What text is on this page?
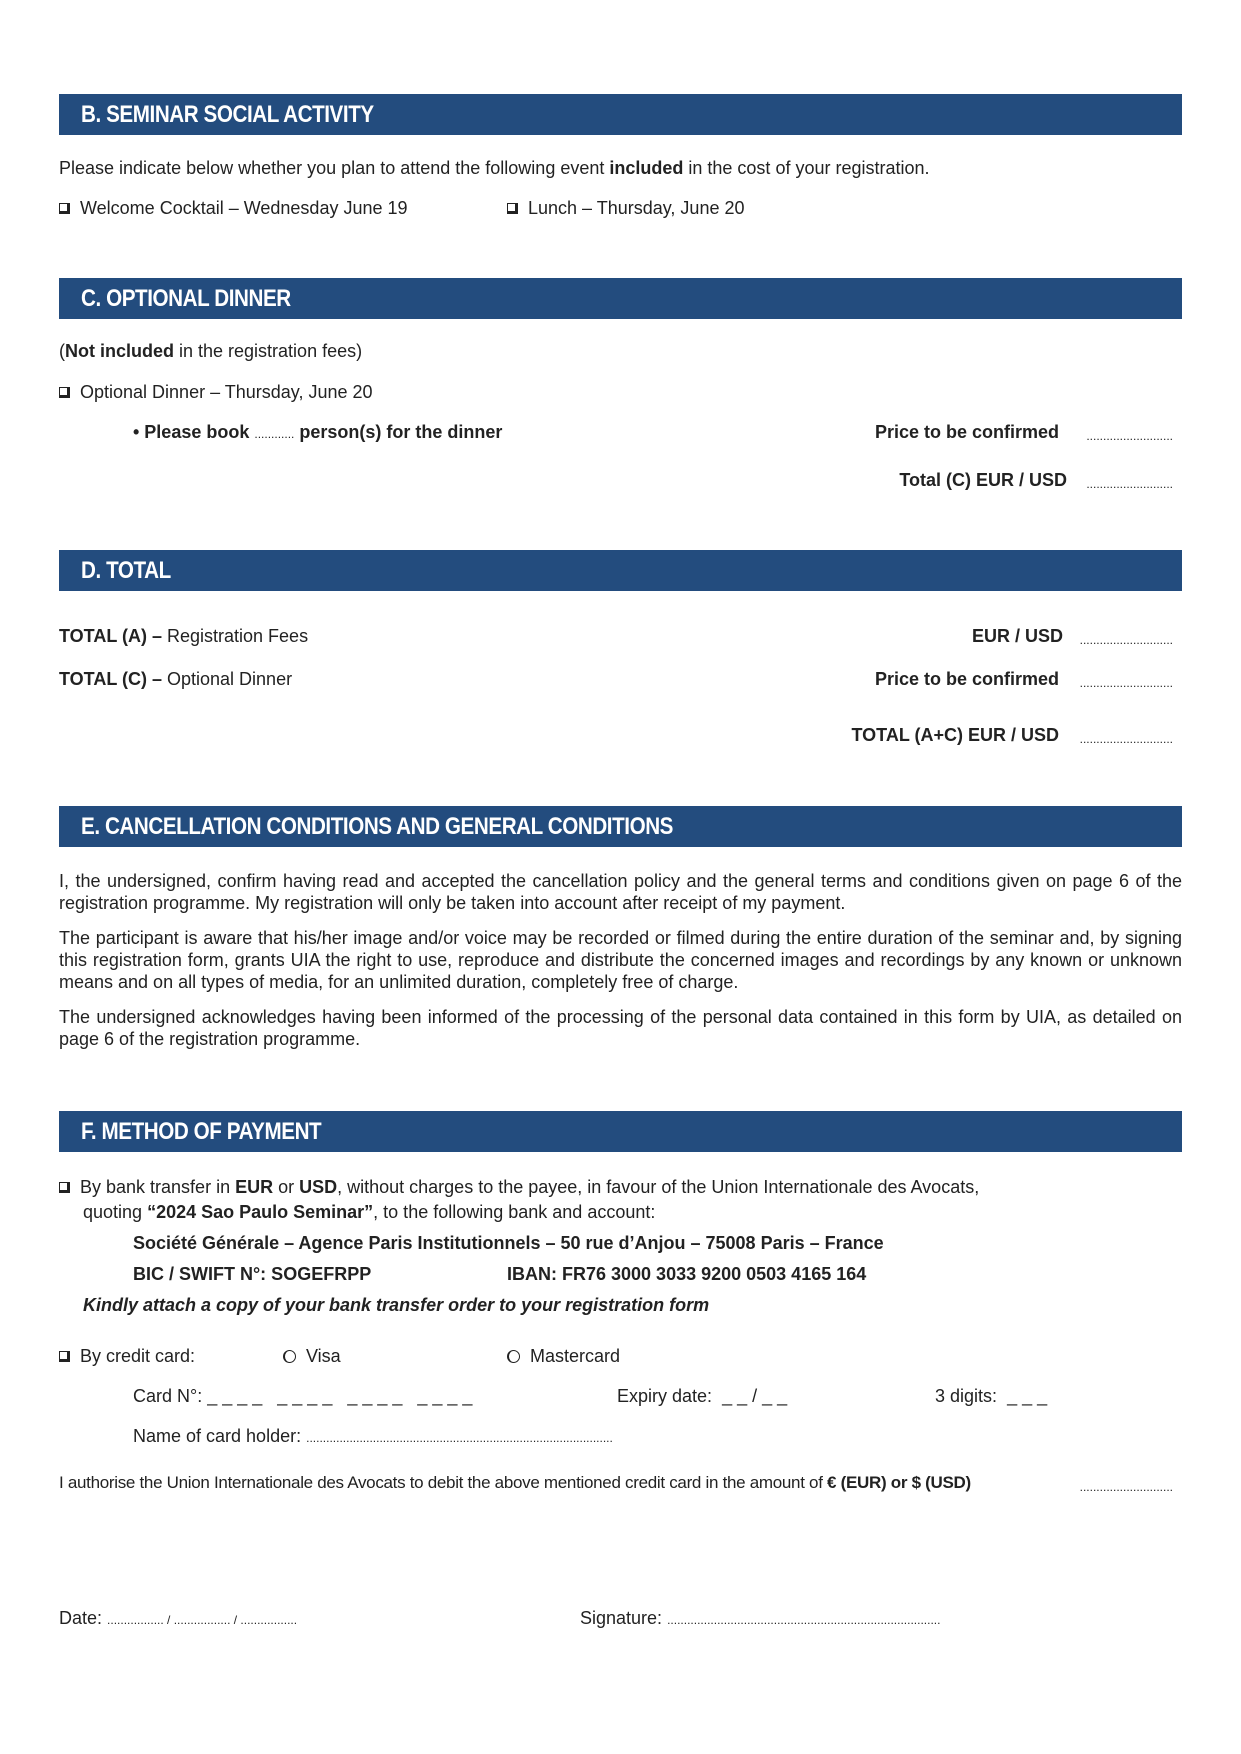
B. SEMINAR SOCIAL ACTIVITY
Please indicate below whether you plan to attend the following event included in the cost of your registration.
Welcome Cocktail – Wednesday June 19	Lunch – Thursday, June 20
C. OPTIONAL DINNER
(Not included in the registration fees)
Optional Dinner – Thursday, June 20
• Please book ............ person(s) for the dinner	Price to be confirmed ..........................
Total (C) EUR / USD ..........................
D. TOTAL
TOTAL (A) – Registration Fees	EUR / USD ............................
TOTAL (C) – Optional Dinner	Price to be confirmed ............................
TOTAL (A+C) EUR / USD ............................
E. CANCELLATION CONDITIONS AND GENERAL CONDITIONS
I, the undersigned, confirm having read and accepted the cancellation policy and the general terms and conditions given on page 6 of the registration programme. My registration will only be taken into account after receipt of my payment.
The participant is aware that his/her image and/or voice may be recorded or filmed during the entire duration of the seminar and, by signing this registration form, grants UIA the right to use, reproduce and distribute the concerned images and recordings by any known or unknown means and on all types of media, for an unlimited duration, completely free of charge.
The undersigned acknowledges having been informed of the processing of the personal data contained in this form by UIA, as detailed on page 6 of the registration programme.
F. METHOD OF PAYMENT
By bank transfer in EUR or USD, without charges to the payee, in favour of the Union Internationale des Avocats,
quoting “2024 Sao Paulo Seminar”, to the following bank and account:
Société Générale – Agence Paris Institutionnels – 50 rue d’Anjou – 75008 Paris – France
BIC / SWIFT N°: SOGEFRPP	IBAN: FR76 3000 3033 9200 0503 4165 164
Kindly attach a copy of your bank transfer order to your registration form
By credit card:	Visa	Mastercard
Card N°: _ _ _ _   _ _ _ _   _ _ _ _   _ _ _ _	Expiry date: _ _ / _ _	3 digits: _ _ _
Name of card holder: ............................................................................................
I authorise the Union Internationale des Avocats to debit the above mentioned credit card in the amount of € (EUR) or $ (USD)	............................
Date: ................. / ................. / .................	Signature: ..................................................................................
